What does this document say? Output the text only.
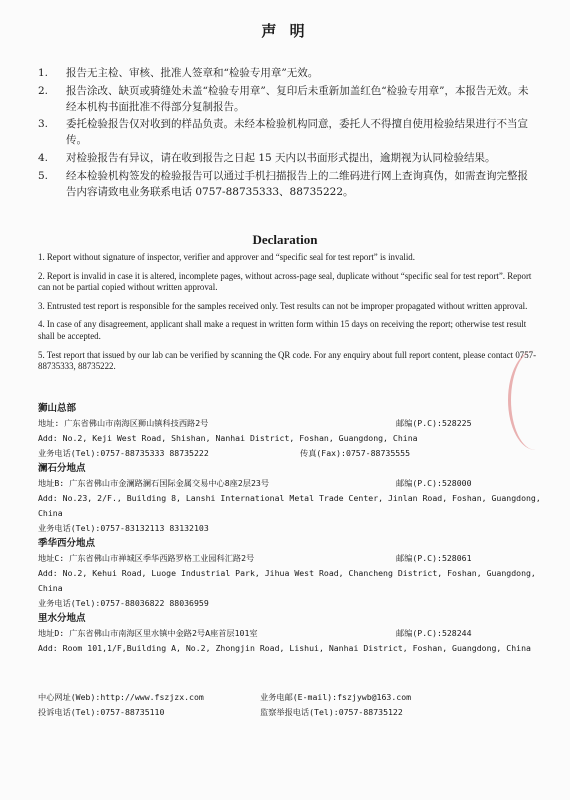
声 明
1.	报告无主检、审核、批准人签章和“检验专用章”无效。
2.	报告涂改、缺页或骑缝处未盖“检验专用章”、复印后未重新加盖红色“检验专用章”，本报告无效。未经本机构书面批准不得部分复制报告。
3.	委托检验报告仅对收到的样品负责。未经本检验机构同意，委托人不得擅自使用检验结果进行不当宣传。
4.	对检验报告有异议，请在收到报告之日起 15 天内以书面形式提出，逾期视为认同检验结果。
5.	经本检验机构签发的检验报告可以通过手机扫描报告上的二维码进行网上查询真伪，如需查询完整报告内容请致电业务联系电话 0757-88735333、88735222。
Declaration
1. Report without signature of inspector, verifier and approver and “specific seal for test report” is invalid.
2. Report is invalid in case it is altered, incomplete pages, without across-page seal, duplicate without “specific seal for test report”. Report can not be partial copied without written approval.
3. Entrusted test report is responsible for the samples received only. Test results can not be improper propagated without written approval.
4. In case of any disagreement, applicant shall make a request in written form within 15 days on receiving the report; otherwise test result shall be accepted.
5. Test report that issued by our lab can be verified by scanning the QR code. For any enquiry about full report content, please contact 0757-88735333, 88735222.
狮山总部
地址: 广东省佛山市南海区狮山镇科技西路2号	邮编(P.C):528225
Add: No.2, Keji West Road, Shishan, Nanhai District, Foshan, Guangdong, China
业务电话(Tel):0757-88735333 88735222	传真(Fax):0757-88735555
澜石分地点
地址B: 广东省佛山市金澜路澜石国际金属交易中心8座2层23号	邮编(P.C):528000
Add: No.23, 2/F., Building 8, Lanshi International Metal Trade Center, Jinlan Road, Foshan, Guangdong, China
业务电话(Tel):0757-83132113 83132103
季华西分地点
地址C: 广东省佛山市禅城区季华西路罗格工业园科汇路2号	邮编(P.C):528061
Add: No.2, Kehui Road, Luoge Industrial Park, Jihua West Road, Chancheng District, Foshan, Guangdong, China
业务电话(Tel):0757-88036822 88036959
里水分地点
地址D: 广东省佛山市南海区里水镇中金路2号A座首层101室	邮编(P.C):528244
Add: Room 101,1/F,Building A, No.2, Zhongjin Road, Lishui, Nanhai District, Foshan, Guangdong, China
中心网址(Web):http://www.fszjzx.com	业务电邮(E-mail):fszjywb@163.com
投诉电话(Tel):0757-88735110	监察举报电话(Tel):0757-88735122
